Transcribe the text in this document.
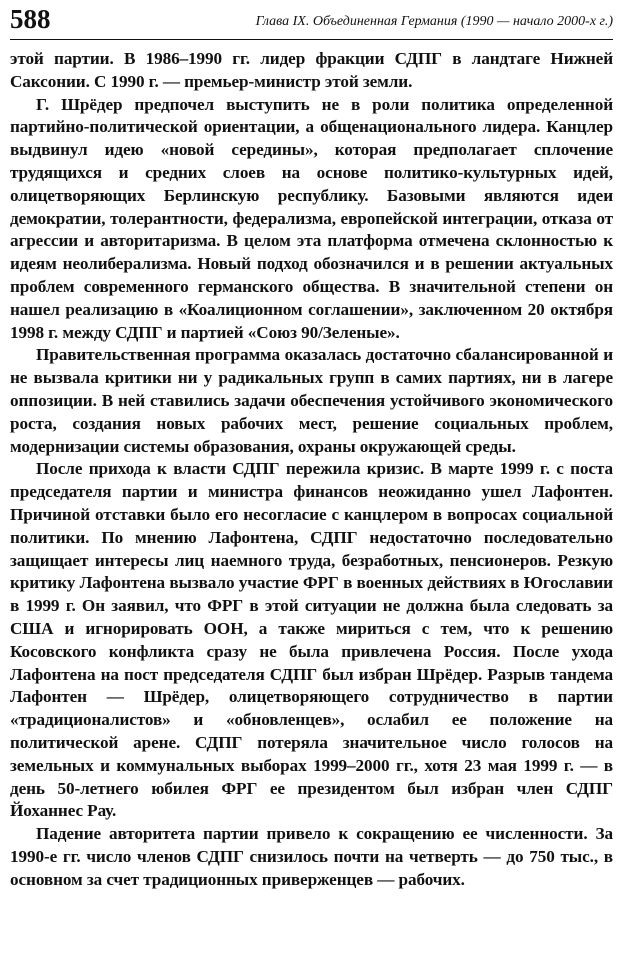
588	Глава IX. Объединенная Германия (1990 — начало 2000-х г.)

этой партии. В 1986–1990 гг. лидер фракции СДПГ в ландтаге Нижней Саксонии. С 1990 г. — премьер-министр этой земли.

Г. Шрёдер предпочел выступить не в роли политика определенной партийно-политической ориентации, а общенационального лидера. Канцлер выдвинул идею «новой середины», которая предполагает сплочение трудящихся и средних слоев на основе политико-культурных идей, олицетворяющих Берлинскую республику. Базовыми являются идеи демократии, толерантности, федерализма, европейской интеграции, отказа от агрессии и авторитаризма. В целом эта платформа отмечена склонностью к идеям неолиберализма. Новый подход обозначился и в решении актуальных проблем современного германского общества. В значительной степени он нашел реализацию в «Коалиционном соглашении», заключенном 20 октября 1998 г. между СДПГ и партией «Союз 90/Зеленые».

Правительственная программа оказалась достаточно сбалансированной и не вызвала критики ни у радикальных групп в самих партиях, ни в лагере оппозиции. В ней ставились задачи обеспечения устойчивого экономического роста, создания новых рабочих мест, решение социальных проблем, модернизации системы образования, охраны окружающей среды.

После прихода к власти СДПГ пережила кризис. В марте 1999 г. с поста председателя партии и министра финансов неожиданно ушел Лафонтен. Причиной отставки было его несогласие с канцлером в вопросах социальной политики. По мнению Лафонтена, СДПГ недостаточно последовательно защищает интересы лиц наемного труда, безработных, пенсионеров. Резкую критику Лафонтена вызвало участие ФРГ в военных действиях в Югославии в 1999 г. Он заявил, что ФРГ в этой ситуации не должна была следовать за США и игнорировать ООН, а также мириться с тем, что к решению Косовского конфликта сразу не была привлечена Россия. После ухода Лафонтена на пост председателя СДПГ был избран Шрёдер. Разрыв тандема Лафонтен — Шрёдер, олицетворяющего сотрудничество в партии «традиционалистов» и «обновленцев», ослабил ее положение на политической арене. СДПГ потеряла значительное число голосов на земельных и коммунальных выборах 1999–2000 гг., хотя 23 мая 1999 г. — в день 50-летнего юбилея ФРГ ее президентом был избран член СДПГ Йоханнес Рау.

Падение авторитета партии привело к сокращению ее численности. За 1990-е гг. число членов СДПГ снизилось почти на четверть — до 750 тыс., в основном за счет традиционных приверженцев — рабочих.
